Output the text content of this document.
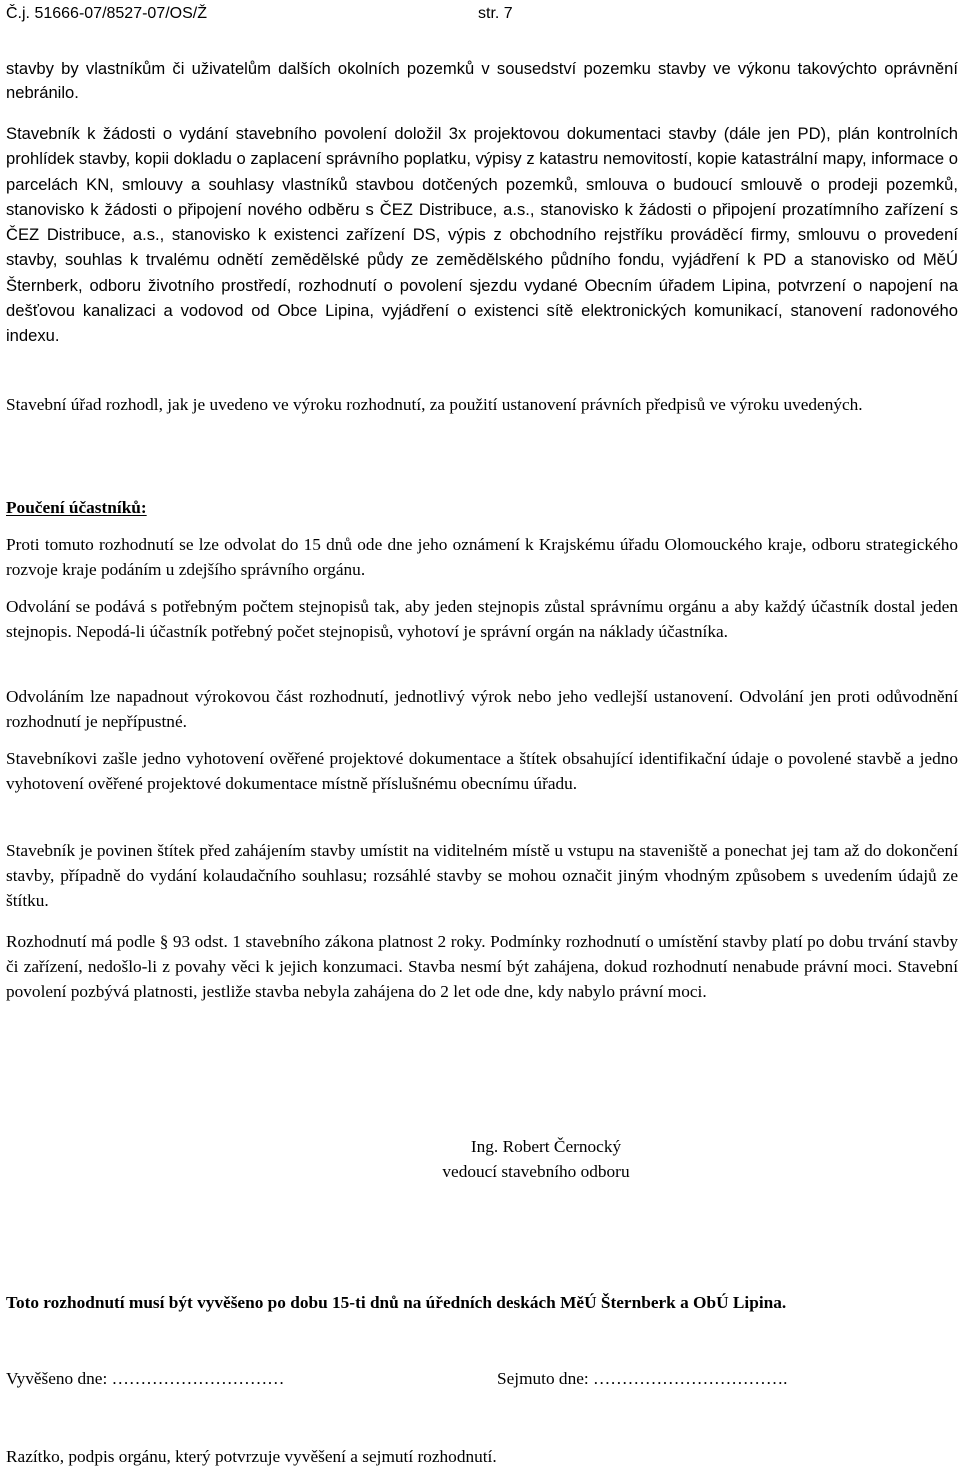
Č.j. 51666-07/8527-07/OS/Ž	str. 7
stavby by vlastníkům či uživatelům dalších okolních pozemků v sousedství pozemku stavby ve výkonu takovýchto oprávnění nebránilo.
Stavebník k žádosti o vydání stavebního povolení doložil 3x projektovou dokumentaci stavby (dále jen PD), plán kontrolních prohlídek stavby, kopii dokladu o zaplacení správního poplatku, výpisy z katastru nemovitostí, kopie katastrální mapy, informace o parcelách KN, smlouvy a souhlasy vlastníků stavbou dotčených pozemků, smlouva o budoucí smlouvě o prodeji pozemků, stanovisko k žádosti o připojení nového odběru s ČEZ Distribuce, a.s., stanovisko k žádosti o připojení prozatímního zařízení s ČEZ Distribuce, a.s., stanovisko k existenci zařízení DS, výpis z obchodního rejstříku prováděcí firmy, smlouvu o provedení stavby, souhlas k trvalému odnětí zemědělské půdy ze zemědělského půdního fondu, vyjádření k PD a stanovisko od MěÚ Šternberk, odboru životního prostředí, rozhodnutí o povolení sjezdu vydané Obecním úřadem Lipina, potvrzení o napojení na dešťovou kanalizaci a vodovod od Obce Lipina, vyjádření o existenci sítě elektronických komunikací, stanovení radonového indexu.
Stavební úřad rozhodl, jak je uvedeno ve výroku rozhodnutí, za použití ustanovení právních předpisů ve výroku uvedených.
Poučení účastníků:
Proti tomuto rozhodnutí se lze odvolat do 15 dnů ode dne jeho oznámení k Krajskému úřadu Olomouckého kraje, odboru strategického rozvoje kraje podáním u zdejšího správního orgánu.
Odvolání se podává s potřebným počtem stejnopisů tak, aby jeden stejnopis zůstal správnímu orgánu a aby každý účastník dostal jeden stejnopis. Nepodá-li účastník potřebný počet stejnopisů, vyhotoví je správní orgán na náklady účastníka.
Odvoláním lze napadnout výrokovou část rozhodnutí, jednotlivý výrok nebo jeho vedlejší ustanovení. Odvolání jen proti odůvodnění rozhodnutí je nepřípustné.
Stavebníkovi zašle jedno vyhotovení ověřené projektové dokumentace a štítek obsahující identifikační údaje o povolené stavbě a jedno vyhotovení ověřené projektové dokumentace místně příslušnému obecnímu úřadu.
Stavebník je povinen štítek před zahájením stavby umístit na viditelném místě u vstupu na staveniště a ponechat jej tam až do dokončení stavby, případně do vydání kolaudačního souhlasu; rozsáhlé stavby se mohou označit jiným vhodným způsobem s uvedením údajů ze štítku.
Rozhodnutí má podle § 93 odst. 1 stavebního zákona platnost 2 roky. Podmínky rozhodnutí o umístění stavby platí po dobu trvání stavby či zařízení, nedošlo-li z povahy věci k jejich konzumaci. Stavba nesmí být zahájena, dokud rozhodnutí nenabude právní moci. Stavební povolení pozbývá platnosti, jestliže stavba nebyla zahájena do 2 let ode dne, kdy nabylo právní moci.
Ing. Robert Černocký
vedoucí stavebního odboru
Toto rozhodnutí musí být vyvěšeno po dobu 15-ti dnů na úředních deskách MěÚ Šternberk a ObÚ Lipina.
Vyvěšeno dne: …………………………	Sejmuto dne: …………………………….
Razítko, podpis orgánu, který potvrzuje vyvěšení a sejmutí rozhodnutí.
